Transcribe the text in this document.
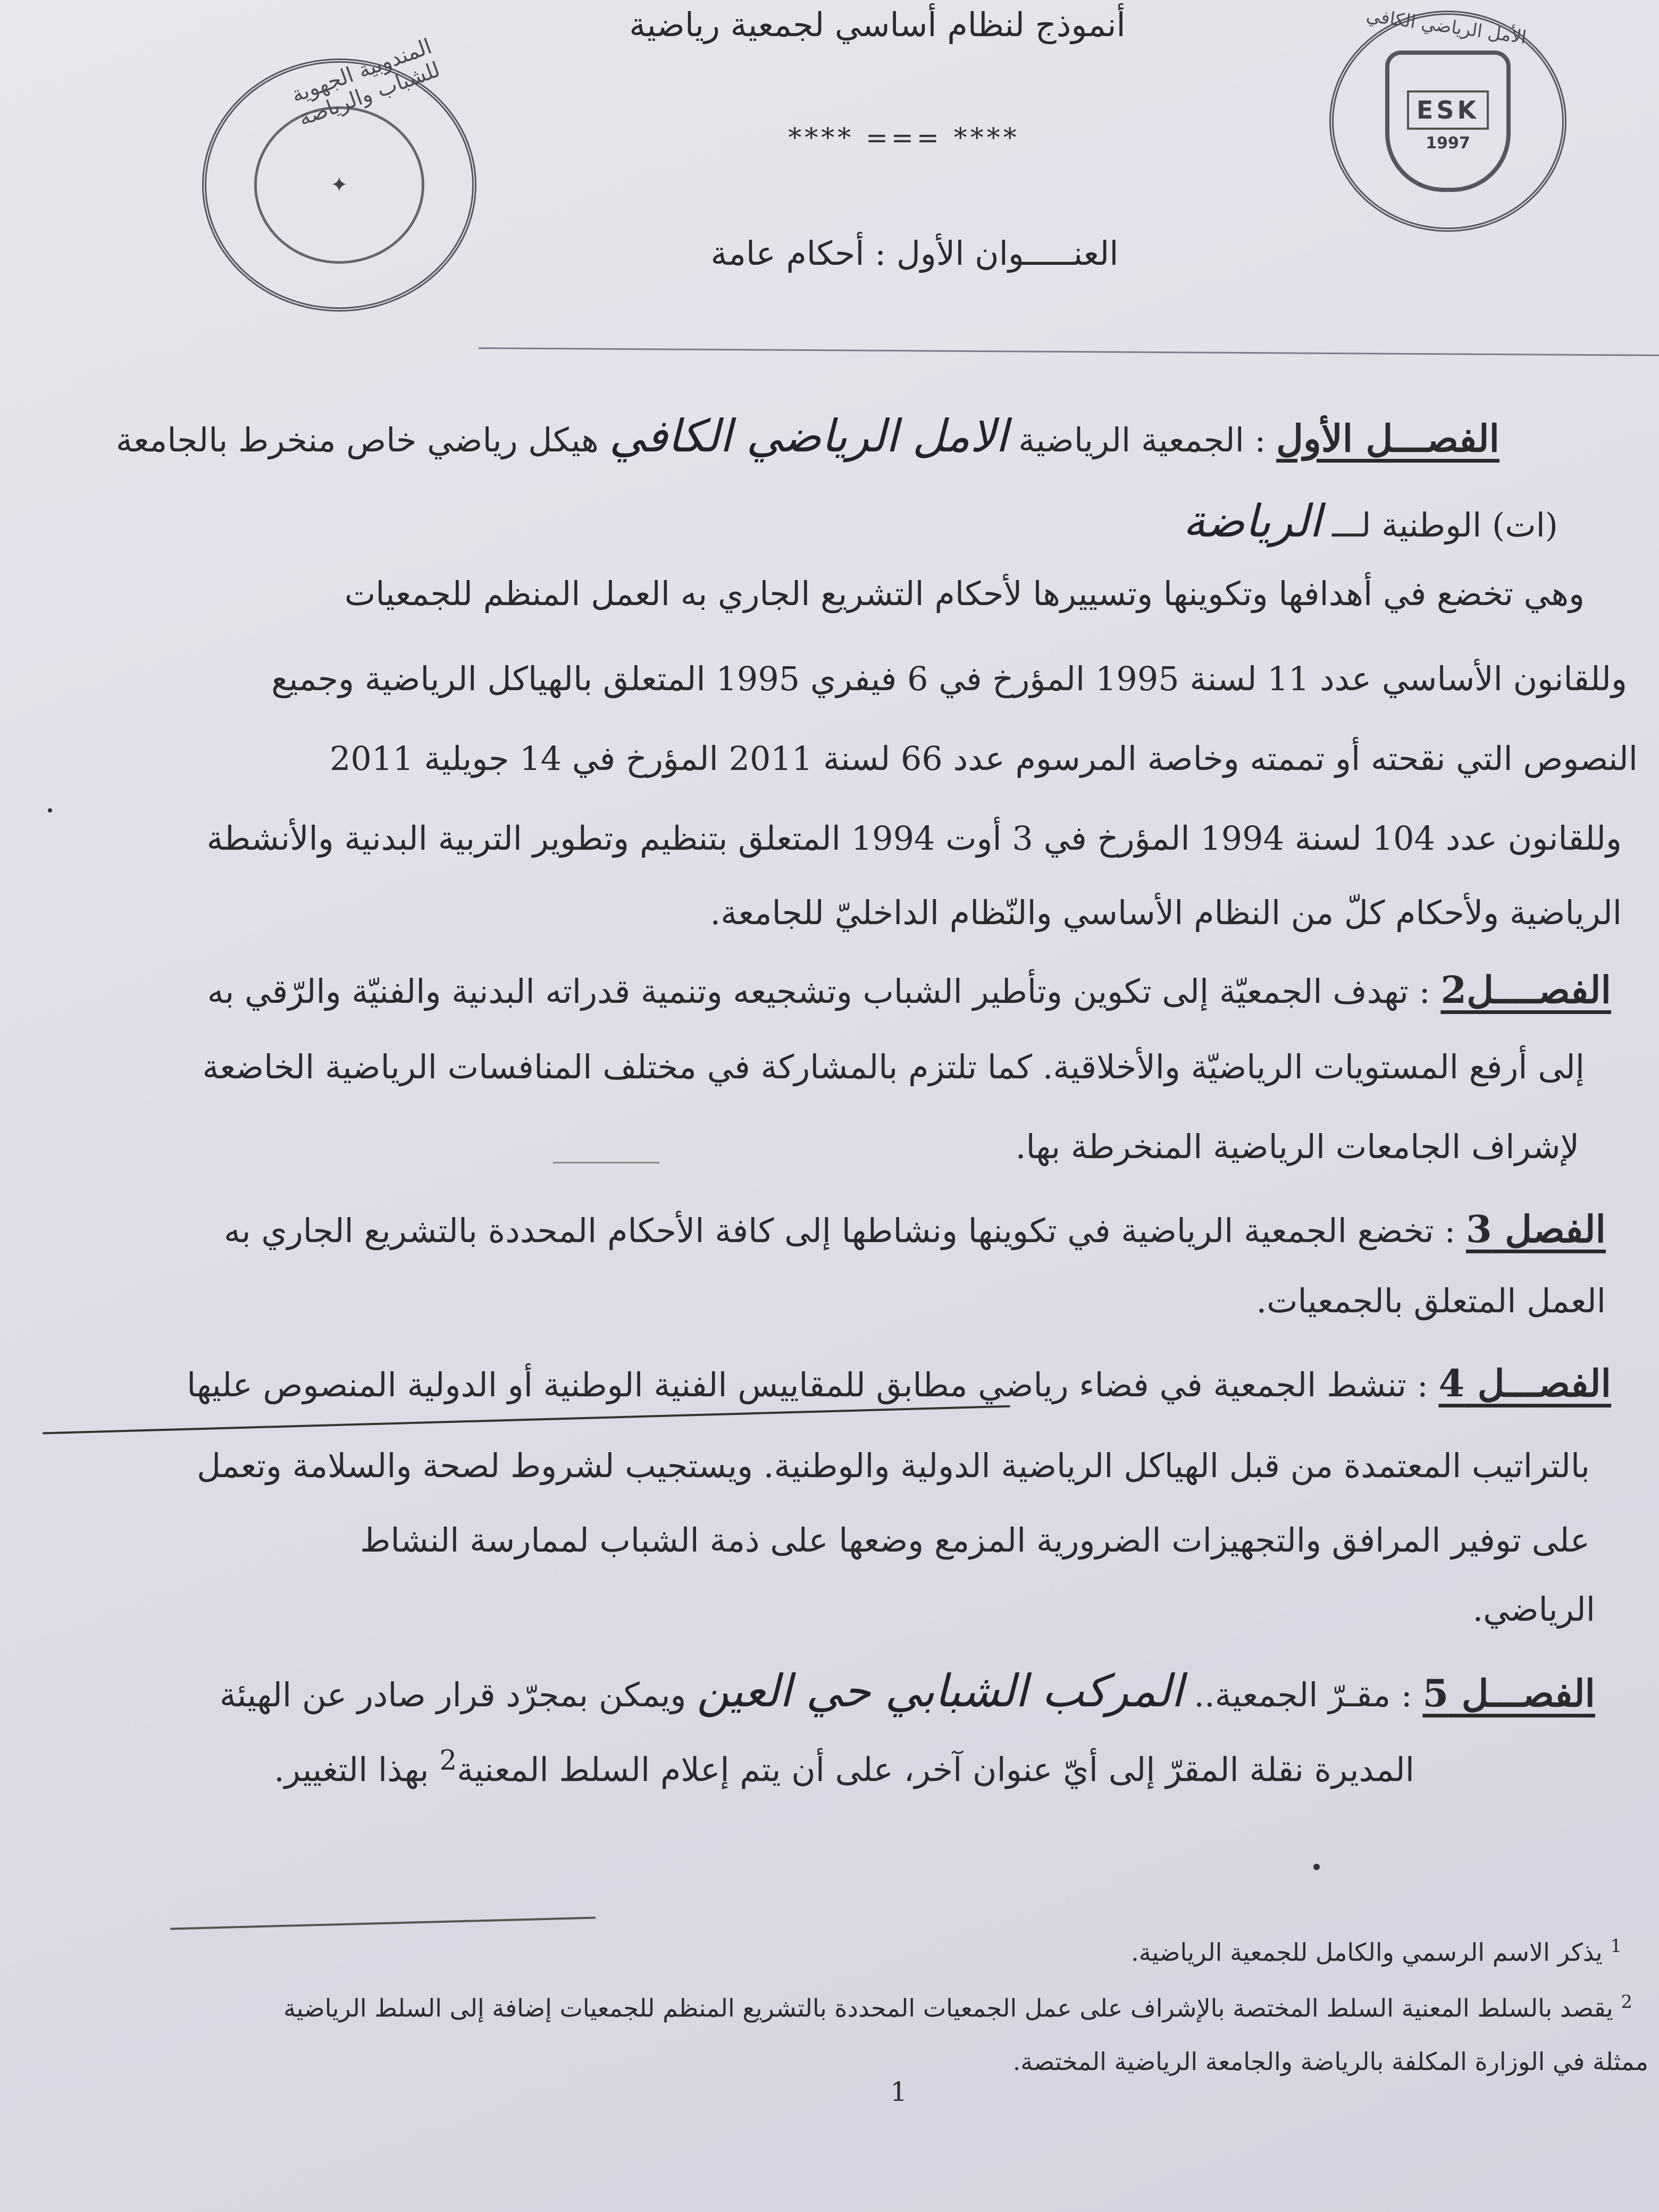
✦
المندوبية الجهوية للشباب والرياضة	ESK
1997
الأمل الرياضي الكافي
أنموذج لنظام أساسي لجمعية رياضية
**** === ****
العنـــــوان الأول : أحكام عامة
الفصـــل الأول : الجمعية الرياضية الامل الرياضي الكافي هيكل رياضي خاص منخرط بالجامعة
(ات) الوطنية لـــ الرياضة
وهي تخضع في أهدافها وتكوينها وتسييرها لأحكام التشريع الجاري به العمل المنظم للجمعيات
وللقانون الأساسي عدد 11 لسنة 1995 المؤرخ في 6 فيفري 1995 المتعلق بالهياكل الرياضية وجميع
النصوص التي نقحته أو تممته وخاصة المرسوم عدد 66 لسنة 2011 المؤرخ في 14 جويلية 2011
وللقانون عدد 104 لسنة 1994 المؤرخ في 3 أوت 1994 المتعلق بتنظيم وتطوير التربية البدنية والأنشطة
الرياضية ولأحكام كلّ من النظام الأساسي والنّظام الداخليّ للجامعة.
الفصــــل2 : تهدف الجمعيّة إلى تكوين وتأطير الشباب وتشجيعه وتنمية قدراته البدنية والفنيّة والرّقي به
إلى أرفع المستويات الرياضيّة والأخلاقية. كما تلتزم بالمشاركة في مختلف المنافسات الرياضية الخاضعة
لإشراف الجامعات الرياضية المنخرطة بها.
الفصل 3 : تخضع الجمعية الرياضية في تكوينها ونشاطها إلى كافة الأحكام المحددة بالتشريع الجاري به
العمل المتعلق بالجمعيات.
الفصـــل 4 : تنشط الجمعية في فضاء رياضي مطابق للمقاييس الفنية الوطنية أو الدولية المنصوص عليها
بالتراتيب المعتمدة من قبل الهياكل الرياضية الدولية والوطنية. ويستجيب لشروط لصحة والسلامة وتعمل
على توفير المرافق والتجهيزات الضرورية المزمع وضعها على ذمة الشباب لممارسة النشاط
الرياضي.
الفصـــل 5 : مقـرّ الجمعية.. المركب الشبابي حي العين ويمكن بمجرّد قرار صادر عن الهيئة
المديرة نقلة المقرّ إلى أيّ عنوان آخر، على أن يتم إعلام السلط المعنية$^2$ بهذا التغيير.
$^1$ يذكر الاسم الرسمي والكامل للجمعية الرياضية.
$^2$ يقصد بالسلط المعنية السلط المختصة بالإشراف على عمل الجمعيات المحددة بالتشريع المنظم للجمعيات إضافة إلى السلط الرياضية
ممثلة في الوزارة المكلفة بالرياضة والجامعة الرياضية المختصة.
1
